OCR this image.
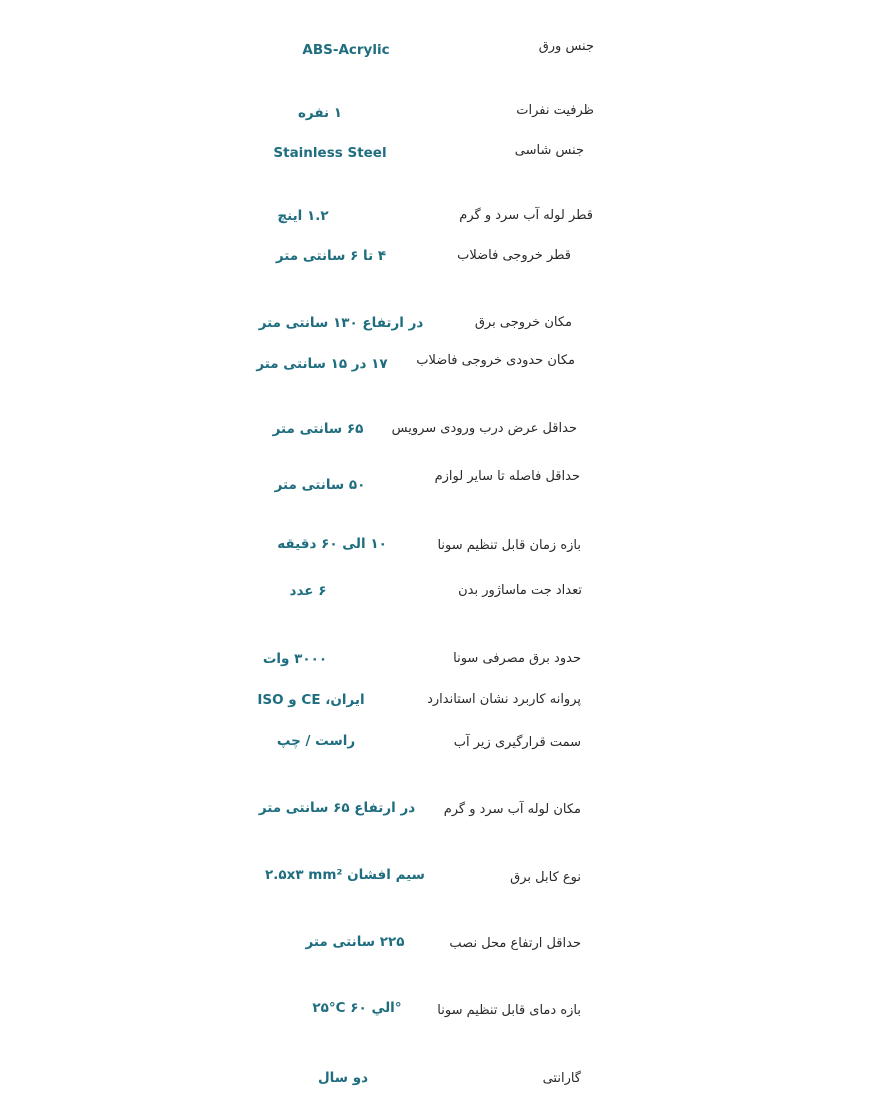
جنس ورق
ABS-Acrylic
ظرفیت نفرات
۱ نفره
جنس شاسی
Stainless Steel
قطر لوله آب سرد و گرم
۱.۲ اینچ
قطر خروجی فاضلاب
۴ تا ۶ سانتی متر
مکان خروجی برق
در ارتفاع ۱۳۰ سانتی متر
مکان حدودی خروجی فاضلاب
۱۷ در ۱۵ سانتی متر
حداقل عرض درب ورودی سرویس
۶۵ سانتی متر
حداقل فاصله تا سایر لوازم
۵۰ سانتی متر
بازه زمان قابل تنظیم سونا
۱۰ الی ۶۰ دقیقه
تعداد جت ماساژور بدن
۶ عدد
حدود برق مصرفی سونا
۳۰۰۰ وات
پروانه کاربرد نشان استاندارد
ایران، CE و ISO
سمت قرارگیری زیر آب
راست / چپ
مکان لوله آب سرد و گرم
در ارتفاع ۶۵ سانتی متر
نوع کابل برق
سیم افشان ۲.۵x۳ mm²
حداقل ارتفاع محل نصب
۲۲۵ سانتی متر
بازه دمای قابل تنظیم سونا
۲۵°C الي ۶۰°
گارانتی
دو سال
